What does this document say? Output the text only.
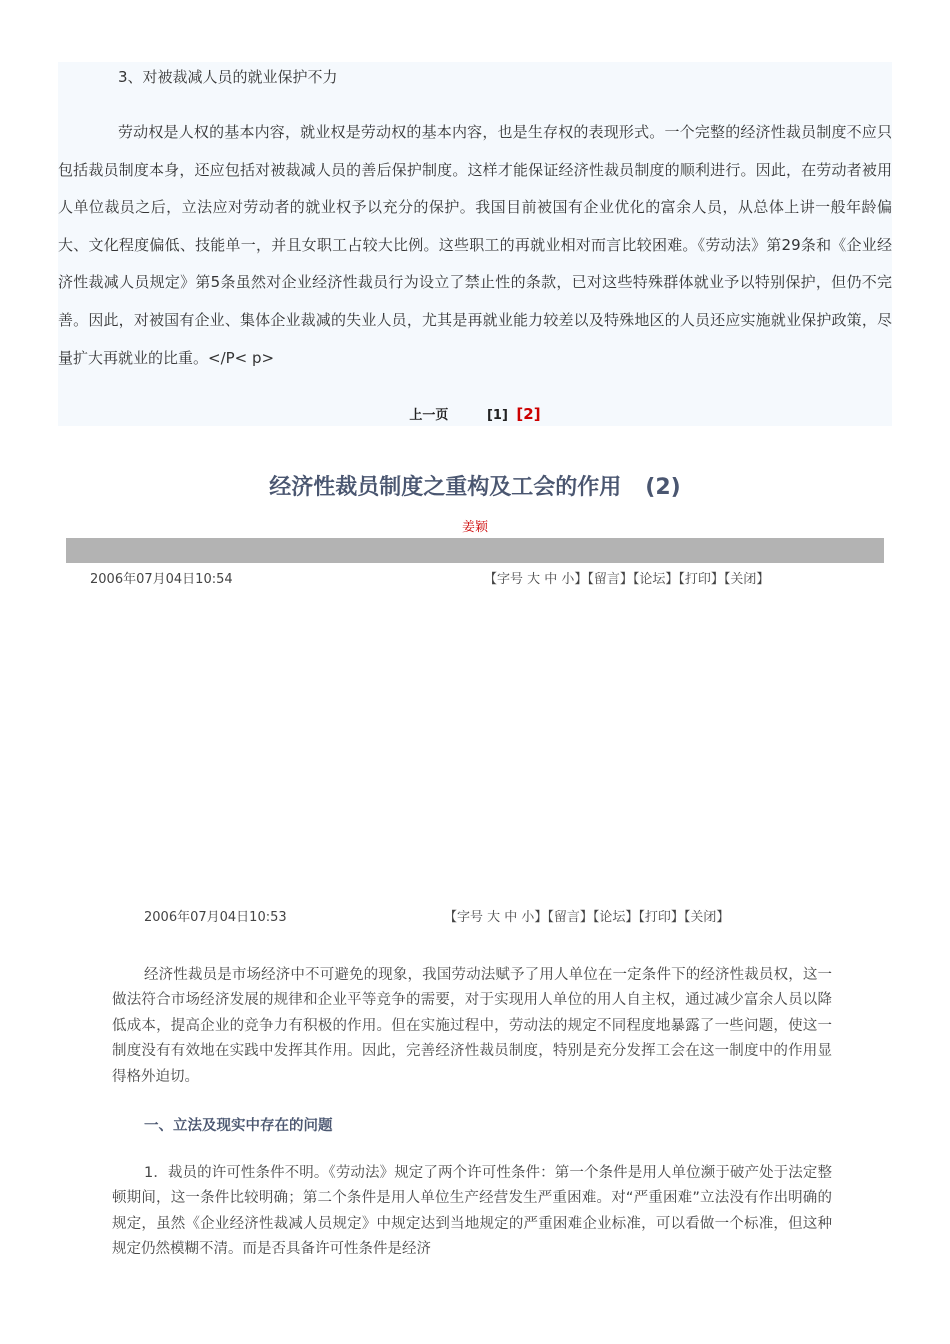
3、对被裁减人员的就业保护不力

劳动权是人权的基本内容，就业权是劳动权的基本内容，也是生存权的表现形式。一个完整的经济性裁员制度不应只包括裁员制度本身，还应包括对被裁减人员的善后保护制度。这样才能保证经济性裁员制度的顺利进行。因此，在劳动者被用人单位裁员之后，立法应对劳动者的就业权予以充分的保护。我国目前被国有企业优化的富余人员，从总体上讲一般年龄偏大、文化程度偏低、技能单一，并且女职工占较大比例。这些职工的再就业相对而言比较困难。《劳动法》第29条和《企业经济性裁减人员规定》第5条虽然对企业经济性裁员行为设立了禁止性的条款，已对这些特殊群体就业予以特别保护，但仍不完善。因此，对被国有企业、集体企业裁减的失业人员，尤其是再就业能力较差以及特殊地区的人员还应实施就业保护政策，尽量扩大再就业的比重。</P< p>

上一页	[1] [2]
经济性裁员制度之重构及工会的作用 (2)
姜颖
2006年07月04日10:54	【字号 大 中 小】【留言】【论坛】【打印】【关闭】
2006年07月04日10:53	【字号 大 中 小】【留言】【论坛】【打印】【关闭】

经济性裁员是市场经济中不可避免的现象，我国劳动法赋予了用人单位在一定条件下的经济性裁员权，这一做法符合市场经济发展的规律和企业平等竞争的需要，对于实现用人单位的用人自主权，通过减少富余人员以降低成本，提高企业的竞争力有积极的作用。但在实施过程中，劳动法的规定不同程度地暴露了一些问题，使这一制度没有有效地在实践中发挥其作用。因此，完善经济性裁员制度，特别是充分发挥工会在这一制度中的作用显得格外迫切。

一、立法及现实中存在的问题

1．裁员的许可性条件不明。《劳动法》规定了两个许可性条件：第一个条件是用人单位濒于破产处于法定整顿期间，这一条件比较明确；第二个条件是用人单位生产经营发生严重困难。对“严重困难”立法没有作出明确的规定，虽然《企业经济性裁减人员规定》中规定达到当地规定的严重困难企业标准，可以看做一个标准，但这种规定仍然模糊不清。而是否具备许可性条件是经济
